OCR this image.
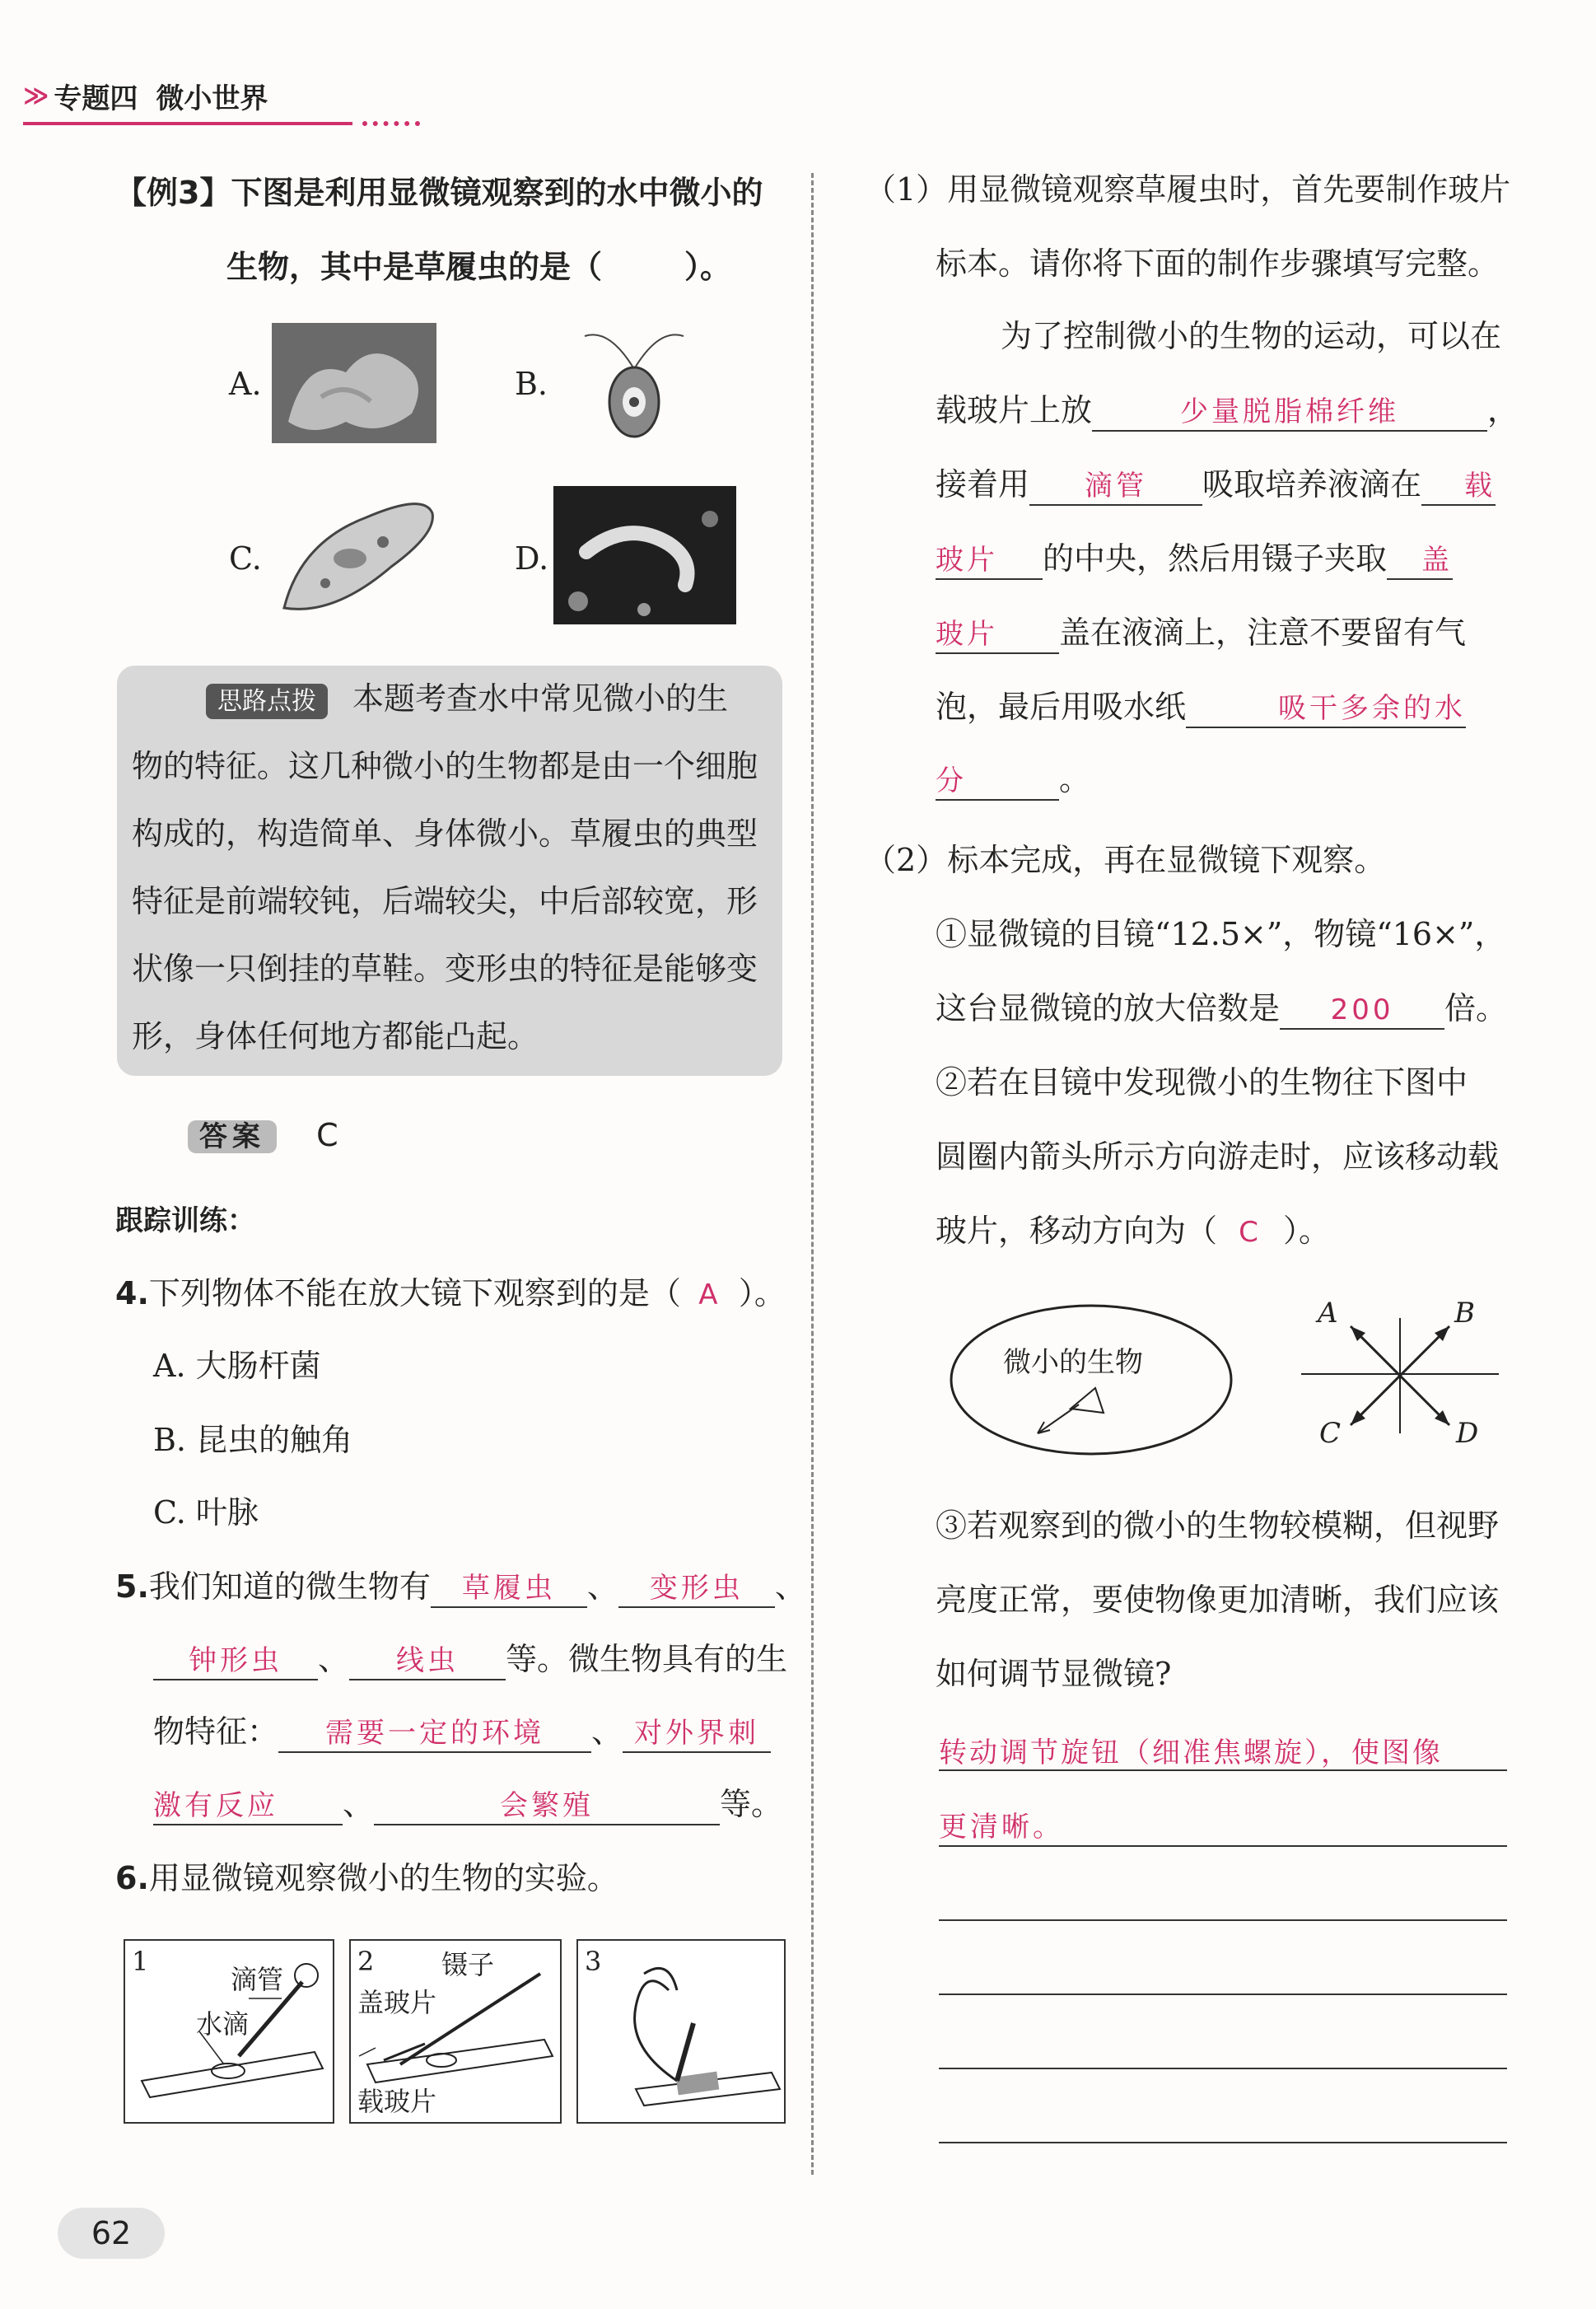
≫ 专题四 微小世界
【例3】下图是利用显微镜观察到的水中微小的
生物，其中是草履虫的是（	）。
A.	B.
C.	D.
思路点拨 本题考查水中常见微小的生
物的特征。这几种微小的生物都是由一个细胞
构成的，构造简单、身体微小。草履虫的典型
特征是前端较钝，后端较尖，中后部较宽，形
状像一只倒挂的草鞋。变形虫的特征是能够变
形，身体任何地方都能凸起。
答案 C
跟踪训练：
4.下列物体不能在放大镜下观察到的是（ A ）。
A. 大肠杆菌
B. 昆虫的触角
C. 叶脉
5.我们知道的微生物有 草履虫 、 变形虫 、
钟形虫 、 线虫 等。微生物具有的生
物特征： 需要一定的环境 、 对外界刺
激有反应 、	会繁殖	等。
6.用显微镜观察微小的生物的实验。
1
滴管
水滴
2	镊子
盖玻片
载玻片
3
（1）用显微镜观察草履虫时，首先要制作玻片
标本。请你将下面的制作步骤填写完整。
为了控制微小的生物的运动，可以在
载玻片上放	少量脱脂棉纤维	，
接着用 滴管 吸取培养液滴在 载
玻片 的中央，然后用镊子夹取 盖
玻片 盖在液滴上，注意不要留有气
泡，最后用吸水纸	吸干多余的水
分	。
（2）标本完成，再在显微镜下观察。
①显微镜的目镜“12.5×”，物镜“16×”，
这台显微镜的放大倍数是 200 倍。
②若在目镜中发现微小的生物往下图中
圆圈内箭头所示方向游走时，应该移动载
玻片，移动方向为（ C ）。
微小的生物
A	B
C	D
③若观察到的微小的生物较模糊，但视野
亮度正常，要使物像更加清晰，我们应该
如何调节显微镜?
转动调节旋钮（细准焦螺旋），使图像
更清晰。
62
